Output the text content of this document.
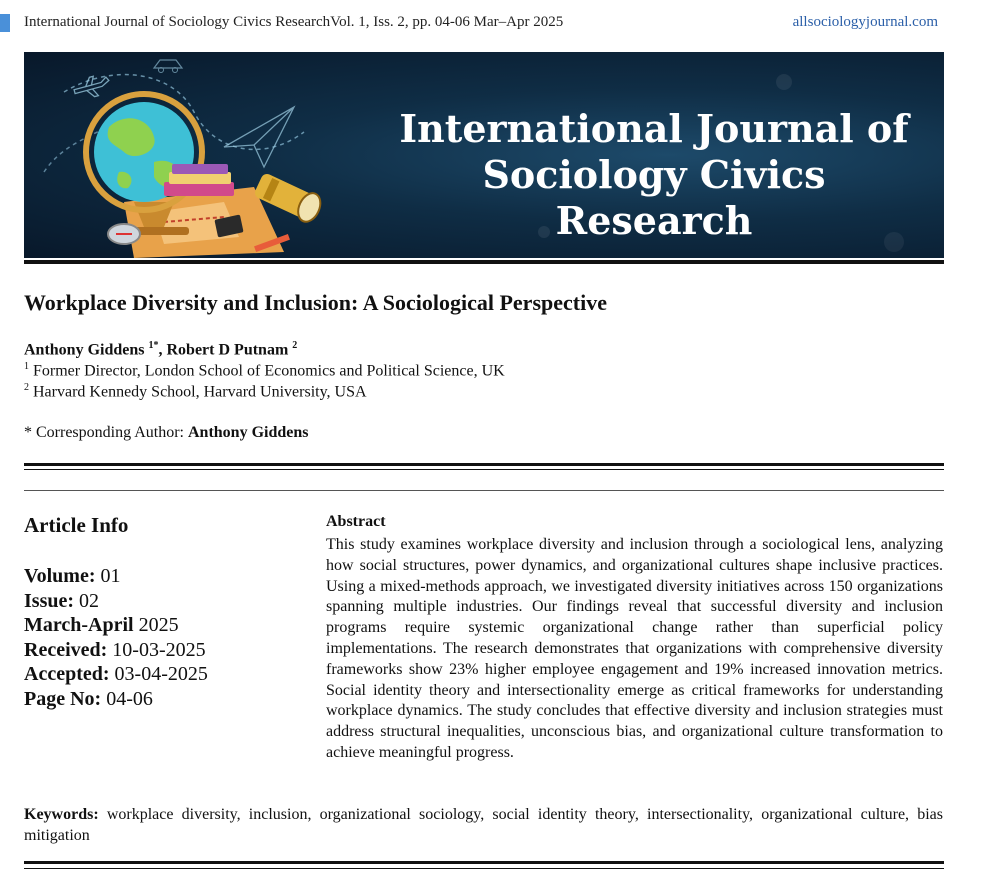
International Journal of Sociology Civics ResearchVol. 1, Iss. 2, pp. 04-06 Mar–Apr 2025	allsociologyjournal.com
International Journal of
Sociology Civics Research
Workplace Diversity and Inclusion: A Sociological Perspective
Anthony Giddens $^{1*}$, Robert D Putnam $^2$
$^1$ Former Director, London School of Economics and Political Science, UK
$^2$ Harvard Kennedy School, Harvard University, USA
* Corresponding Author: Anthony Giddens
Article Info
Volume: 01
Issue: 02
March-April 2025
Received: 10-03-2025
Accepted: 03-04-2025
Page No: 04-06
Abstract
This study examines workplace diversity and inclusion through a sociological lens, analyzing how social structures, power dynamics, and organizational cultures shape inclusive practices. Using a mixed-methods approach, we investigated diversity initiatives across 150 organizations spanning multiple industries. Our findings reveal that successful diversity and inclusion programs require systemic organizational change rather than superficial policy implementations. The research demonstrates that organizations with comprehensive diversity frameworks show 23% higher employee engagement and 19% increased innovation metrics. Social identity theory and intersectionality emerge as critical frameworks for understanding workplace dynamics. The study concludes that effective diversity and inclusion strategies must address structural inequalities, unconscious bias, and organizational culture transformation to achieve meaningful progress.
Keywords: workplace diversity, inclusion, organizational sociology, social identity theory, intersectionality, organizational culture, bias mitigation
